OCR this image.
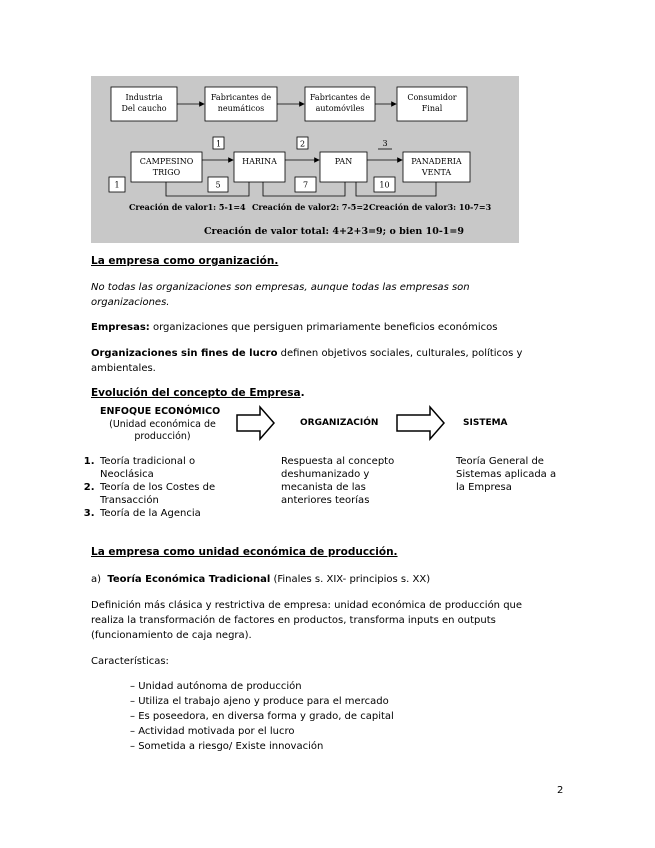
Industria
Del caucho
Fabricantes de
neumáticos
Fabricantes de
automóviles
Consumidor
Final
1	2	3
CAMPESINO
TRIGO
HARINA	PAN	PANADERIA
VENTA
1	5	7	10
Creación de valor1: 5-1=4 Creación de valor2: 7-5=2 Creación de valor3: 10-7=3
Creación de valor total: 4+2+3=9; o bien 10-1=9
La empresa como organización.
No todas las organizaciones son empresas, aunque todas las empresas son
organizaciones.
Empresas: organizaciones que persiguen primariamente beneficios económicos
Organizaciones sin fines de lucro definen objetivos sociales, culturales, políticos y
ambientales.
Evolución del concepto de Empresa.
ENFOQUE ECONÓMICO
(Unidad económica de
producción)
ORGANIZACIÓN	SISTEMA
1. Teoría tradicional o Neoclásica
2. Teoría de los Costes de Transacción
3. Teoría de la Agencia
Respuesta al concepto
deshumanizado y
mecanista de las
anteriores teorías
Teoría General de
Sistemas aplicada a
la Empresa
La empresa como unidad económica de producción.
a) Teoría Económica Tradicional (Finales s. XIX- principios s. XX)
Definición más clásica y restrictiva de empresa: unidad económica de producción que
realiza la transformación de factores en productos, transforma inputs en outputs
(funcionamiento de caja negra).
Características:
– Unidad autónoma de producción
– Utiliza el trabajo ajeno y produce para el mercado
– Es poseedora, en diversa forma y grado, de capital
– Actividad motivada por el lucro
– Sometida a riesgo/ Existe innovación
2
